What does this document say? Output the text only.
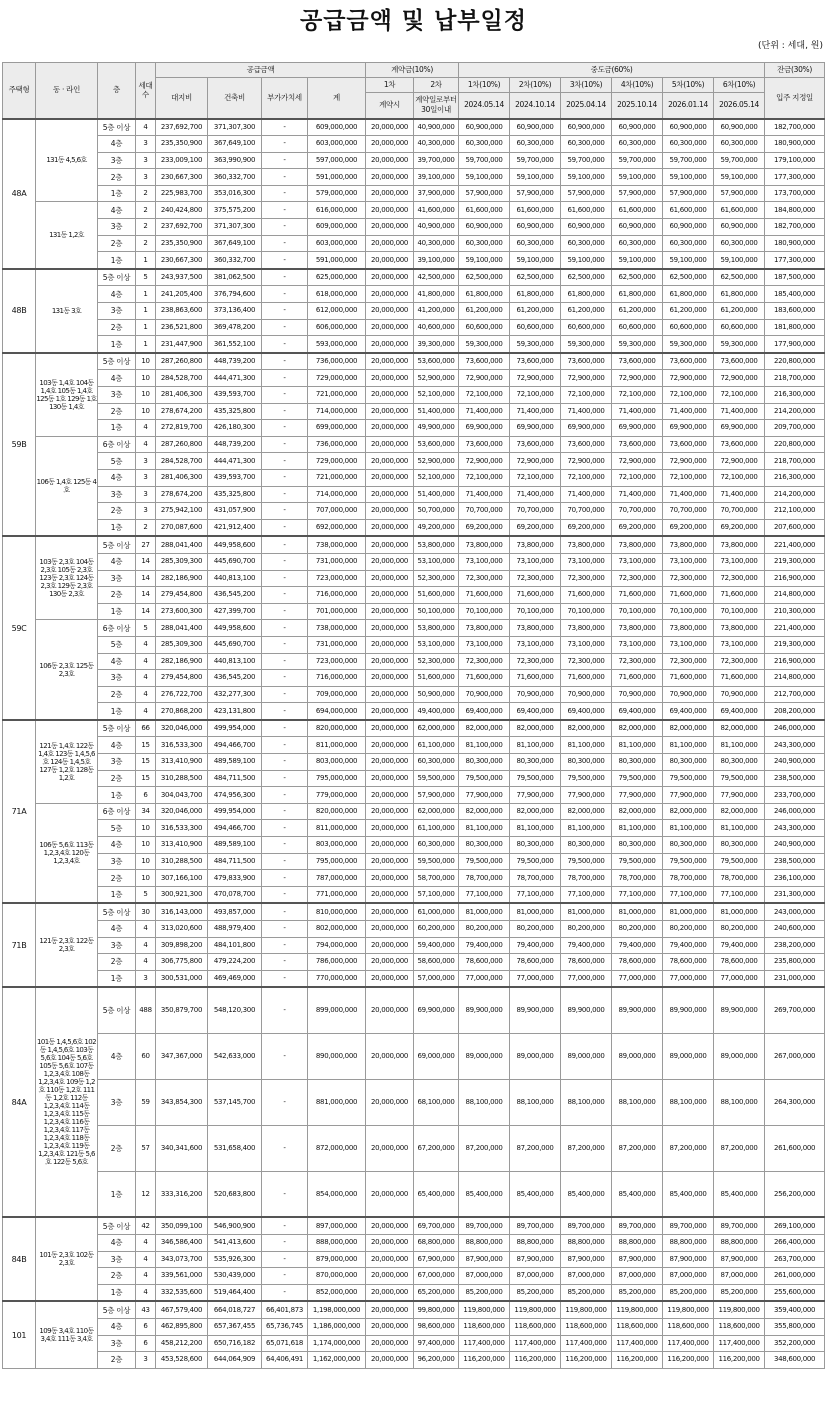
공급금액 및 납부일정
(단위 : 세대, 원)
주택형	동 · 라인	층	세대수	공급금액				계약금(10%)		중도금(60%)						잔금(30%)
				대지비	건축비	부가가치세	계	1차	2차	1차(10%)	2차(10%)	3차(10%)	4차(10%)	5차(10%)	6차(10%)	입주 지정일
								계약시	계약일로부터 30일이내	2024.05.14	2024.10.14	2025.04.14	2025.10.14	2026.01.14	2026.05.14	
48A	131동 4,5,6호	5층 이상	4	237,692,700	371,307,300	-	609,000,000	20,000,000	40,900,000	60,900,000	60,900,000	60,900,000	60,900,000	60,900,000	60,900,000	182,700,000
		4층	3	235,350,900	367,649,100	-	603,000,000	20,000,000	40,300,000	60,300,000	60,300,000	60,300,000	60,300,000	60,300,000	60,300,000	180,900,000
		3층	3	233,009,100	363,990,900	-	597,000,000	20,000,000	39,700,000	59,700,000	59,700,000	59,700,000	59,700,000	59,700,000	59,700,000	179,100,000
		2층	3	230,667,300	360,332,700	-	591,000,000	20,000,000	39,100,000	59,100,000	59,100,000	59,100,000	59,100,000	59,100,000	59,100,000	177,300,000
		1층	2	225,983,700	353,016,300	-	579,000,000	20,000,000	37,900,000	57,900,000	57,900,000	57,900,000	57,900,000	57,900,000	57,900,000	173,700,000
	131동 1,2호	4층	2	240,424,800	375,575,200	-	616,000,000	20,000,000	41,600,000	61,600,000	61,600,000	61,600,000	61,600,000	61,600,000	61,600,000	184,800,000
		3층	2	237,692,700	371,307,300	-	609,000,000	20,000,000	40,900,000	60,900,000	60,900,000	60,900,000	60,900,000	60,900,000	60,900,000	182,700,000
		2층	2	235,350,900	367,649,100	-	603,000,000	20,000,000	40,300,000	60,300,000	60,300,000	60,300,000	60,300,000	60,300,000	60,300,000	180,900,000
		1층	1	230,667,300	360,332,700	-	591,000,000	20,000,000	39,100,000	59,100,000	59,100,000	59,100,000	59,100,000	59,100,000	59,100,000	177,300,000
48B	131동 3호	5층 이상	5	243,937,500	381,062,500	-	625,000,000	20,000,000	42,500,000	62,500,000	62,500,000	62,500,000	62,500,000	62,500,000	62,500,000	187,500,000
		4층	1	241,205,400	376,794,600	-	618,000,000	20,000,000	41,800,000	61,800,000	61,800,000	61,800,000	61,800,000	61,800,000	61,800,000	185,400,000
		3층	1	238,863,600	373,136,400	-	612,000,000	20,000,000	41,200,000	61,200,000	61,200,000	61,200,000	61,200,000	61,200,000	61,200,000	183,600,000
		2층	1	236,521,800	369,478,200	-	606,000,000	20,000,000	40,600,000	60,600,000	60,600,000	60,600,000	60,600,000	60,600,000	60,600,000	181,800,000
		1층	1	231,447,900	361,552,100	-	593,000,000	20,000,000	39,300,000	59,300,000	59,300,000	59,300,000	59,300,000	59,300,000	59,300,000	177,900,000
59B	103동 1,4호 104동 1,4호 105동 1,4호 125동 1호 129동 1호 130동 1,4호	5층 이상	10	287,260,800	448,739,200	-	736,000,000	20,000,000	53,600,000	73,600,000	73,600,000	73,600,000	73,600,000	73,600,000	73,600,000	220,800,000
		4층	10	284,528,700	444,471,300	-	729,000,000	20,000,000	52,900,000	72,900,000	72,900,000	72,900,000	72,900,000	72,900,000	72,900,000	218,700,000
		3층	10	281,406,300	439,593,700	-	721,000,000	20,000,000	52,100,000	72,100,000	72,100,000	72,100,000	72,100,000	72,100,000	72,100,000	216,300,000
		2층	10	278,674,200	435,325,800	-	714,000,000	20,000,000	51,400,000	71,400,000	71,400,000	71,400,000	71,400,000	71,400,000	71,400,000	214,200,000
		1층	4	272,819,700	426,180,300	-	699,000,000	20,000,000	49,900,000	69,900,000	69,900,000	69,900,000	69,900,000	69,900,000	69,900,000	209,700,000
	106동 1,4호 125동 4호	6층 이상	4	287,260,800	448,739,200	-	736,000,000	20,000,000	53,600,000	73,600,000	73,600,000	73,600,000	73,600,000	73,600,000	73,600,000	220,800,000
		5층	3	284,528,700	444,471,300	-	729,000,000	20,000,000	52,900,000	72,900,000	72,900,000	72,900,000	72,900,000	72,900,000	72,900,000	218,700,000
		4층	3	281,406,300	439,593,700	-	721,000,000	20,000,000	52,100,000	72,100,000	72,100,000	72,100,000	72,100,000	72,100,000	72,100,000	216,300,000
		3층	3	278,674,200	435,325,800	-	714,000,000	20,000,000	51,400,000	71,400,000	71,400,000	71,400,000	71,400,000	71,400,000	71,400,000	214,200,000
		2층	3	275,942,100	431,057,900	-	707,000,000	20,000,000	50,700,000	70,700,000	70,700,000	70,700,000	70,700,000	70,700,000	70,700,000	212,100,000
		1층	2	270,087,600	421,912,400	-	692,000,000	20,000,000	49,200,000	69,200,000	69,200,000	69,200,000	69,200,000	69,200,000	69,200,000	207,600,000
59C	103동 2,3호 104동 2,3호 105동 2,3호 123동 2,3호 124동 2,3호 129동 2,3호 130동 2,3호	5층 이상	27	288,041,400	449,958,600	-	738,000,000	20,000,000	53,800,000	73,800,000	73,800,000	73,800,000	73,800,000	73,800,000	73,800,000	221,400,000
		4층	14	285,309,300	445,690,700	-	731,000,000	20,000,000	53,100,000	73,100,000	73,100,000	73,100,000	73,100,000	73,100,000	73,100,000	219,300,000
		3층	14	282,186,900	440,813,100	-	723,000,000	20,000,000	52,300,000	72,300,000	72,300,000	72,300,000	72,300,000	72,300,000	72,300,000	216,900,000
		2층	14	279,454,800	436,545,200	-	716,000,000	20,000,000	51,600,000	71,600,000	71,600,000	71,600,000	71,600,000	71,600,000	71,600,000	214,800,000
		1층	14	273,600,300	427,399,700	-	701,000,000	20,000,000	50,100,000	70,100,000	70,100,000	70,100,000	70,100,000	70,100,000	70,100,000	210,300,000
	106동 2,3호 125동 2,3호	6층 이상	5	288,041,400	449,958,600	-	738,000,000	20,000,000	53,800,000	73,800,000	73,800,000	73,800,000	73,800,000	73,800,000	73,800,000	221,400,000
		5층	4	285,309,300	445,690,700	-	731,000,000	20,000,000	53,100,000	73,100,000	73,100,000	73,100,000	73,100,000	73,100,000	73,100,000	219,300,000
		4층	4	282,186,900	440,813,100	-	723,000,000	20,000,000	52,300,000	72,300,000	72,300,000	72,300,000	72,300,000	72,300,000	72,300,000	216,900,000
		3층	4	279,454,800	436,545,200	-	716,000,000	20,000,000	51,600,000	71,600,000	71,600,000	71,600,000	71,600,000	71,600,000	71,600,000	214,800,000
		2층	4	276,722,700	432,277,300	-	709,000,000	20,000,000	50,900,000	70,900,000	70,900,000	70,900,000	70,900,000	70,900,000	70,900,000	212,700,000
		1층	4	270,868,200	423,131,800	-	694,000,000	20,000,000	49,400,000	69,400,000	69,400,000	69,400,000	69,400,000	69,400,000	69,400,000	208,200,000
71A	121동 1,4호 122동 1,4호 123동 1,4,5,6호 124동 1,4,5호 127동 1,2호 128동 1,2호	5층 이상	66	320,046,000	499,954,000	-	820,000,000	20,000,000	62,000,000	82,000,000	82,000,000	82,000,000	82,000,000	82,000,000	82,000,000	246,000,000
		4층	15	316,533,300	494,466,700	-	811,000,000	20,000,000	61,100,000	81,100,000	81,100,000	81,100,000	81,100,000	81,100,000	81,100,000	243,300,000
		3층	15	313,410,900	489,589,100	-	803,000,000	20,000,000	60,300,000	80,300,000	80,300,000	80,300,000	80,300,000	80,300,000	80,300,000	240,900,000
		2층	15	310,288,500	484,711,500	-	795,000,000	20,000,000	59,500,000	79,500,000	79,500,000	79,500,000	79,500,000	79,500,000	79,500,000	238,500,000
		1층	6	304,043,700	474,956,300	-	779,000,000	20,000,000	57,900,000	77,900,000	77,900,000	77,900,000	77,900,000	77,900,000	77,900,000	233,700,000
	106동 5,6호 113동 1,2,3,4호 120동 1,2,3,4호	6층 이상	34	320,046,000	499,954,000	-	820,000,000	20,000,000	62,000,000	82,000,000	82,000,000	82,000,000	82,000,000	82,000,000	82,000,000	246,000,000
		5층	10	316,533,300	494,466,700	-	811,000,000	20,000,000	61,100,000	81,100,000	81,100,000	81,100,000	81,100,000	81,100,000	81,100,000	243,300,000
		4층	10	313,410,900	489,589,100	-	803,000,000	20,000,000	60,300,000	80,300,000	80,300,000	80,300,000	80,300,000	80,300,000	80,300,000	240,900,000
		3층	10	310,288,500	484,711,500	-	795,000,000	20,000,000	59,500,000	79,500,000	79,500,000	79,500,000	79,500,000	79,500,000	79,500,000	238,500,000
		2층	10	307,166,100	479,833,900	-	787,000,000	20,000,000	58,700,000	78,700,000	78,700,000	78,700,000	78,700,000	78,700,000	78,700,000	236,100,000
		1층	5	300,921,300	470,078,700	-	771,000,000	20,000,000	57,100,000	77,100,000	77,100,000	77,100,000	77,100,000	77,100,000	77,100,000	231,300,000
71B	121동 2,3호 122동 2,3호	5층 이상	30	316,143,000	493,857,000	-	810,000,000	20,000,000	61,000,000	81,000,000	81,000,000	81,000,000	81,000,000	81,000,000	81,000,000	243,000,000
		4층	4	313,020,600	488,979,400	-	802,000,000	20,000,000	60,200,000	80,200,000	80,200,000	80,200,000	80,200,000	80,200,000	80,200,000	240,600,000
		3층	4	309,898,200	484,101,800	-	794,000,000	20,000,000	59,400,000	79,400,000	79,400,000	79,400,000	79,400,000	79,400,000	79,400,000	238,200,000
		2층	4	306,775,800	479,224,200	-	786,000,000	20,000,000	58,600,000	78,600,000	78,600,000	78,600,000	78,600,000	78,600,000	78,600,000	235,800,000
		1층	3	300,531,000	469,469,000	-	770,000,000	20,000,000	57,000,000	77,000,000	77,000,000	77,000,000	77,000,000	77,000,000	77,000,000	231,000,000
84A	101동 1,4,5,6호 102동 1,4,5,6호 103동 5,6호 104동 5,6호 105동 5,6호 107동 1,2,3,4호 108동 1,2,3,4호 109동 1,2호 110동 1,2호 111동 1,2호 112동 1,2,3,4호 114동 1,2,3,4호 115동 1,2,3,4호 116동 1,2,3,4호 117동 1,2,3,4호 118동 1,2,3,4호 119동 1,2,3,4호 121동 5,6호 122동 5,6호	5층 이상	488	350,879,700	548,120,300	-	899,000,000	20,000,000	69,900,000	89,900,000	89,900,000	89,900,000	89,900,000	89,900,000	89,900,000	269,700,000
		4층	60	347,367,000	542,633,000	-	890,000,000	20,000,000	69,000,000	89,000,000	89,000,000	89,000,000	89,000,000	89,000,000	89,000,000	267,000,000
		3층	59	343,854,300	537,145,700	-	881,000,000	20,000,000	68,100,000	88,100,000	88,100,000	88,100,000	88,100,000	88,100,000	88,100,000	264,300,000
		2층	57	340,341,600	531,658,400	-	872,000,000	20,000,000	67,200,000	87,200,000	87,200,000	87,200,000	87,200,000	87,200,000	87,200,000	261,600,000
		1층	12	333,316,200	520,683,800	-	854,000,000	20,000,000	65,400,000	85,400,000	85,400,000	85,400,000	85,400,000	85,400,000	85,400,000	256,200,000
84B	101동 2,3호 102동 2,3호	5층 이상	42	350,099,100	546,900,900	-	897,000,000	20,000,000	69,700,000	89,700,000	89,700,000	89,700,000	89,700,000	89,700,000	89,700,000	269,100,000
		4층	4	346,586,400	541,413,600	-	888,000,000	20,000,000	68,800,000	88,800,000	88,800,000	88,800,000	88,800,000	88,800,000	88,800,000	266,400,000
		3층	4	343,073,700	535,926,300	-	879,000,000	20,000,000	67,900,000	87,900,000	87,900,000	87,900,000	87,900,000	87,900,000	87,900,000	263,700,000
		2층	4	339,561,000	530,439,000	-	870,000,000	20,000,000	67,000,000	87,000,000	87,000,000	87,000,000	87,000,000	87,000,000	87,000,000	261,000,000
		1층	4	332,535,600	519,464,400	-	852,000,000	20,000,000	65,200,000	85,200,000	85,200,000	85,200,000	85,200,000	85,200,000	85,200,000	255,600,000
101	109동 3,4호 110동 3,4호 111동 3,4호	5층 이상	43	467,579,400	664,018,727	66,401,873	1,198,000,000	20,000,000	99,800,000	119,800,000	119,800,000	119,800,000	119,800,000	119,800,000	119,800,000	359,400,000
		4층	6	462,895,800	657,367,455	65,736,745	1,186,000,000	20,000,000	98,600,000	118,600,000	118,600,000	118,600,000	118,600,000	118,600,000	118,600,000	355,800,000
		3층	6	458,212,200	650,716,182	65,071,618	1,174,000,000	20,000,000	97,400,000	117,400,000	117,400,000	117,400,000	117,400,000	117,400,000	117,400,000	352,200,000
		2층	3	453,528,600	644,064,909	64,406,491	1,162,000,000	20,000,000	96,200,000	116,200,000	116,200,000	116,200,000	116,200,000	116,200,000	116,200,000	348,600,000
